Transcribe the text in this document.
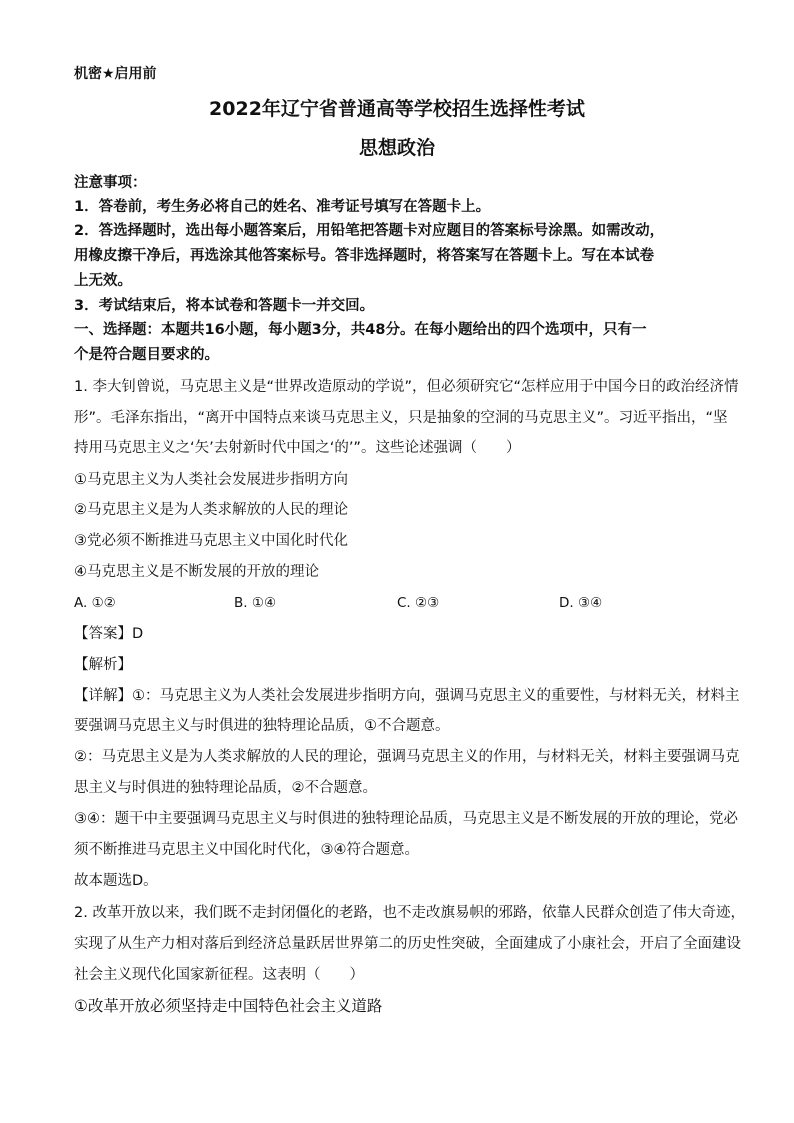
机密★启用前
2022年辽宁省普通高等学校招生选择性考试
思想政治
注意事项：
1．答卷前，考生务必将自己的姓名、准考证号填写在答题卡上。
2．答选择题时，选出每小题答案后，用铅笔把答题卡对应题目的答案标号涂黑。如需改动，
用橡皮擦干净后，再选涂其他答案标号。答非选择题时，将答案写在答题卡上。写在本试卷
上无效。
3．考试结束后，将本试卷和答题卡一并交回。
一、选择题：本题共16小题，每小题3分，共48分。在每小题给出的四个选项中，只有一
个是符合题目要求的。
1. 李大钊曾说，马克思主义是“世界改造原动的学说”，但必须研究它“怎样应用于中国今日的政治经济情
形”。毛泽东指出，“离开中国特点来谈马克思主义，只是抽象的空洞的马克思主义”。习近平指出，“坚
持用马克思主义之‘矢’去射新时代中国之‘的’”。这些论述强调（　　）
①马克思主义为人类社会发展进步指明方向
②马克思主义是为人类求解放的人民的理论
③党必须不断推进马克思主义中国化时代化
④马克思主义是不断发展的开放的理论
A. ①②	B. ①④	C. ②③	D. ③④
【答案】D
【解析】
【详解】①：马克思主义为人类社会发展进步指明方向，强调马克思主义的重要性，与材料无关，材料主
要强调马克思主义与时俱进的独特理论品质，①不合题意。
②：马克思主义是为人类求解放的人民的理论，强调马克思主义的作用，与材料无关，材料主要强调马克
思主义与时俱进的独特理论品质，②不合题意。
③④：题干中主要强调马克思主义与时俱进的独特理论品质，马克思主义是不断发展的开放的理论，党必
须不断推进马克思主义中国化时代化，③④符合题意。
故本题选D。
2. 改革开放以来，我们既不走封闭僵化的老路，也不走改旗易帜的邪路，依靠人民群众创造了伟大奇迹，
实现了从生产力相对落后到经济总量跃居世界第二的历史性突破，全面建成了小康社会，开启了全面建设
社会主义现代化国家新征程。这表明（　　）
①改革开放必须坚持走中国特色社会主义道路
